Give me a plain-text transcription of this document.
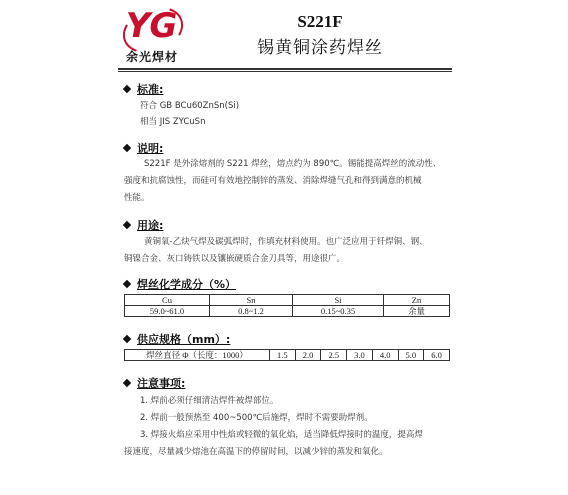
YG
余光焊材
S221F
锡黄铜涂药焊丝
标准:
符合 GB BCu60ZnSn(Si)
相当 JIS ZYCuSn
说明:
S221F 是外涂熔剂的 S221 焊丝，熔点约为 890℃。锡能提高焊丝的流动性、
强度和抗腐蚀性，而硅可有效地控制锌的蒸发、消除焊缝气孔和得到满意的机械
性能。
用途:
黄铜氧-乙炔气焊及碳弧焊时，作填充材料使用。也广泛应用于钎焊铜、钢、
铜镍合金、灰口铸铁以及镶嵌硬质合金刀具等，用途很广。
焊丝化学成分（%）
Cu	Sn	Si	Zn
59.0~61.0	0.8~1.2	0.15~0.35	余量
供应规格（mm）:
焊丝直径 Φ（长度：1000）	1.5	2.0	2.5	3.0	4.0	5.0	6.0
注意事项:
1. 焊前必须仔细清洁焊件被焊部位。
2. 焊前一般预热至 400~500℃后施焊，焊时不需要助焊剂。
3. 焊接火焰应采用中性焰或轻微的氧化焰，适当降低焊接时的温度，提高焊
接速度，尽量减少熔池在高温下的停留时间，以减少锌的蒸发和氧化。
